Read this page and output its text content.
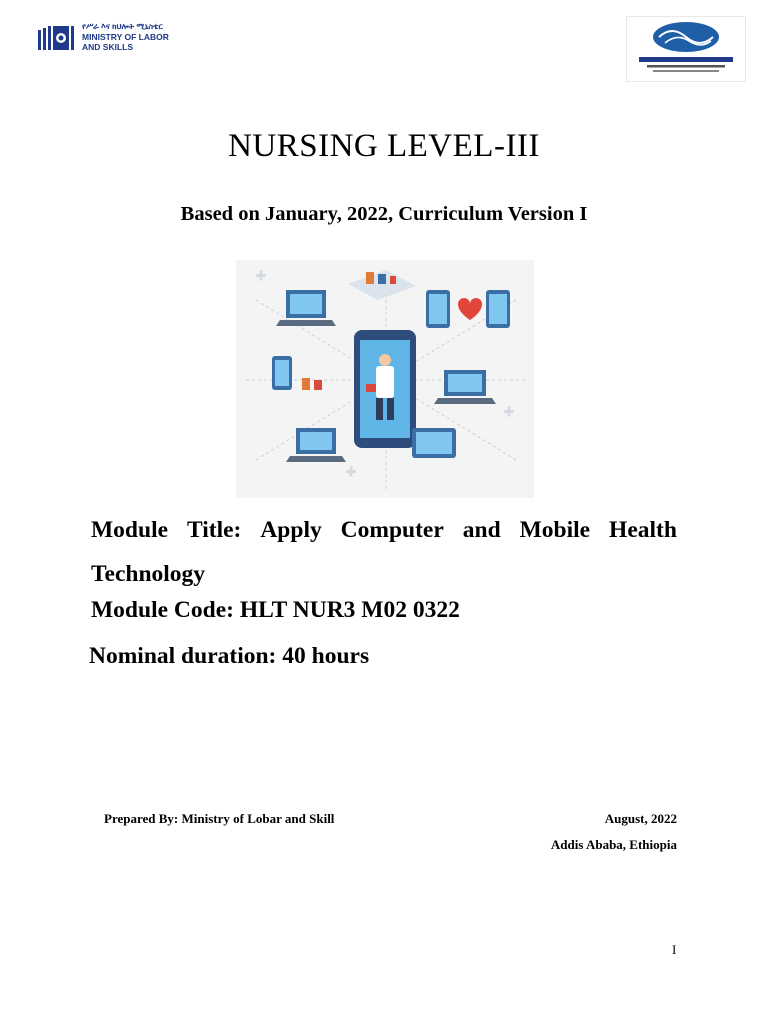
የሥራ እና ክህሎት ሚኒስቴር
MINISTRY OF LABOR
AND SKILLS
NURSING LEVEL-III
Based on January, 2022, Curriculum Version I
Module Title: Apply Computer and Mobile Health
Technology
Module Code: HLT NUR3 M02 0322
Nominal duration: 40 hours
Prepared By: Ministry of Lobar and Skill	August, 2022
Addis Ababa, Ethiopia
I
